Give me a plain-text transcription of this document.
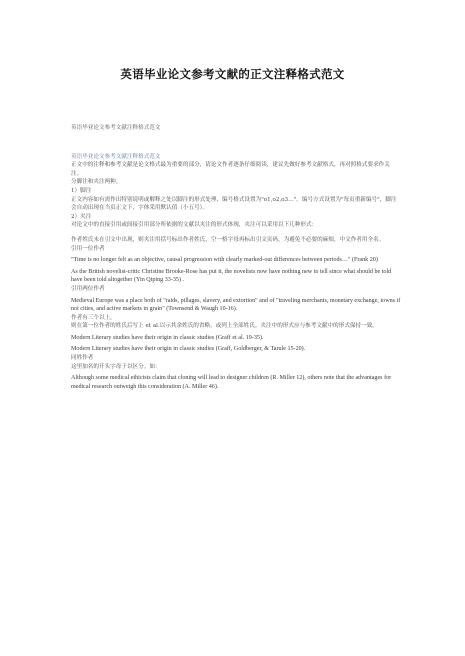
英语毕业论文参考文献的正文注释格式范文
英语毕业论文参考文献注释格式范文
英语毕业论文参考文献注释格式范文
正文中的注释和参考文献是论文格式最为重要的部分，请论文作者逐条仔细阅读，建议先做好参考文献格式，再对照格式要求作关注。
分脚注和夹注两种。
1）脚注
正文内容如有需作出特别说明或解释之处以脚注的形式处理，编号格式设置为"o1,o2,o3…"。编号方式设置为"每页重新编号"，脚注会自动出现在当页正文下，字体采用默认值（小五号）。
2）夹注
对论文中的直接引用或间接引用部分所依据的文献以夹注的形式体现，夹注可以采用以下几种形式：
作者姓氏未在引文中出现，则夹注用括号标出作者姓氏，空一格字母再标出引文页码，为避免不必要的麻烦，中文作者用全名。
引用一位作者
"Time is no longer felt as an objective, causal progression with clearly marked-out differences between periods…" (Frank 20)
As the British novelist-critic Christine Brooke-Rose has put it, the novelists now have nothing new to tell since what should be told have been told altogether (Yin Qiping 33-35) .
引用两位作者
Medieval Europe was a place both of "raids, pillages, slavery, and extortion" and of "traveling merchants, monetary exchange, towns if not cities, and active markets in grain" (Townsend & Waugh 10-16).
作者有三个以上。
则在第一位作者的姓氏后写上 et al.以示其余姓氏的省略，或列上全部姓氏。夹注中的形式应与参考文献中的形式保持一致。
Modern Literary studies have their origin in classic studies (Graff et al. 19-35).
Modern Literary studies have their origin in classic studies (Graff, Goldberger, & Tarule 15-20).
同姓作者
这里加名的开头字母于以区分。如：
Although some medical ethicists claim that cloning will lead to designer children (R. Miller 12), others note that the advantages for medical research outweigh this consideration (A. Miller 46).
